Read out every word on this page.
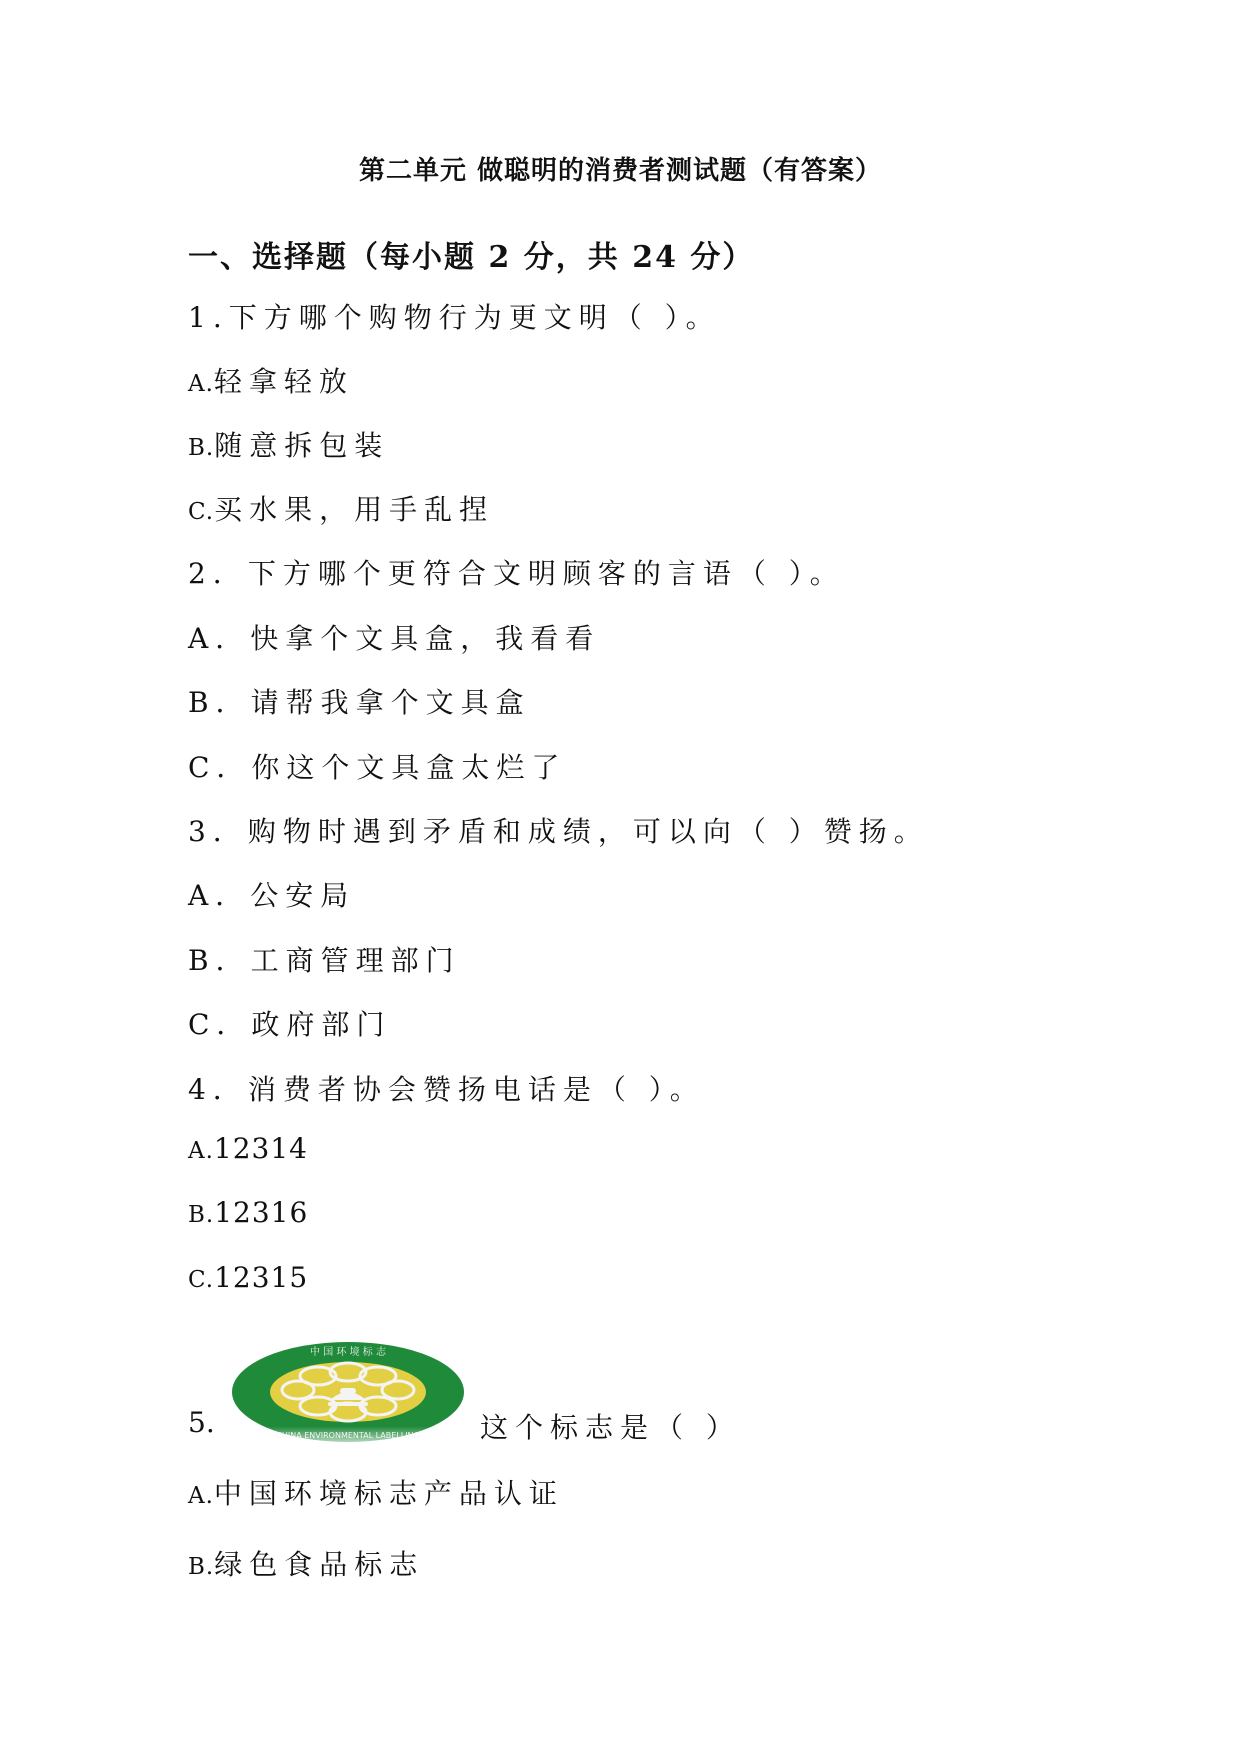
第二单元 做聪明的消费者测试题（有答案）
一、选择题（每小题 2 分，共 24 分）
1.下方哪个购物行为更文明（ ）。
A.轻拿轻放
B.随意拆包装
C.买水果，用手乱捏
2．下方哪个更符合文明顾客的言语（ ）。
A．快拿个文具盒，我看看
B．请帮我拿个文具盒
C．你这个文具盒太烂了
3．购物时遇到矛盾和成绩，可以向（ ）赞扬。
A．公安局
B．工商管理部门
C．政府部门
4．消费者协会赞扬电话是（ ）。
A.12314
B.12316
C.12315
5.	这个标志是（ ）
A.中国环境标志产品认证
B.绿色食品标志
